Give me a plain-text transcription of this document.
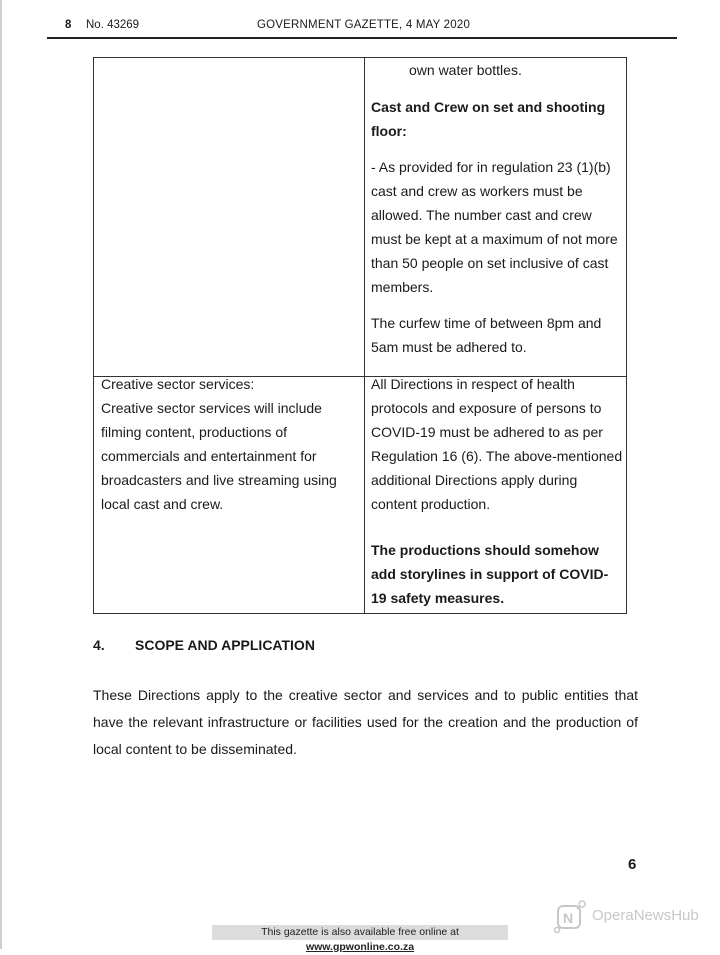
8 No. 43269	GOVERNMENT GAZETTE, 4 MAY 2020
own water bottles.
Cast and Crew on set and shooting
floor:
- As provided for in regulation 23 (1)(b)
cast and crew as workers must be
allowed. The number cast and crew
must be kept at a maximum of not more
than 50 people on set inclusive of cast
members.
The curfew time of between 8pm and
5am must be adhered to.
Creative sector services:
Creative sector services will include
filming content, productions of
commercials and entertainment for
broadcasters and live streaming using
local cast and crew.
All Directions in respect of health
protocols and exposure of persons to
COVID-19 must be adhered to as per
Regulation 16 (6). The above-mentioned
additional Directions apply during
content production.
The productions should somehow
add storylines in support of COVID-
19 safety measures.
4. SCOPE AND APPLICATION
These Directions apply to the creative sector and services and to public entities that have the relevant infrastructure or facilities used for the creation and the production of local content to be disseminated.
6
This gazette is also available free online at www.gpwonline.co.za
N OperaNewsHub
